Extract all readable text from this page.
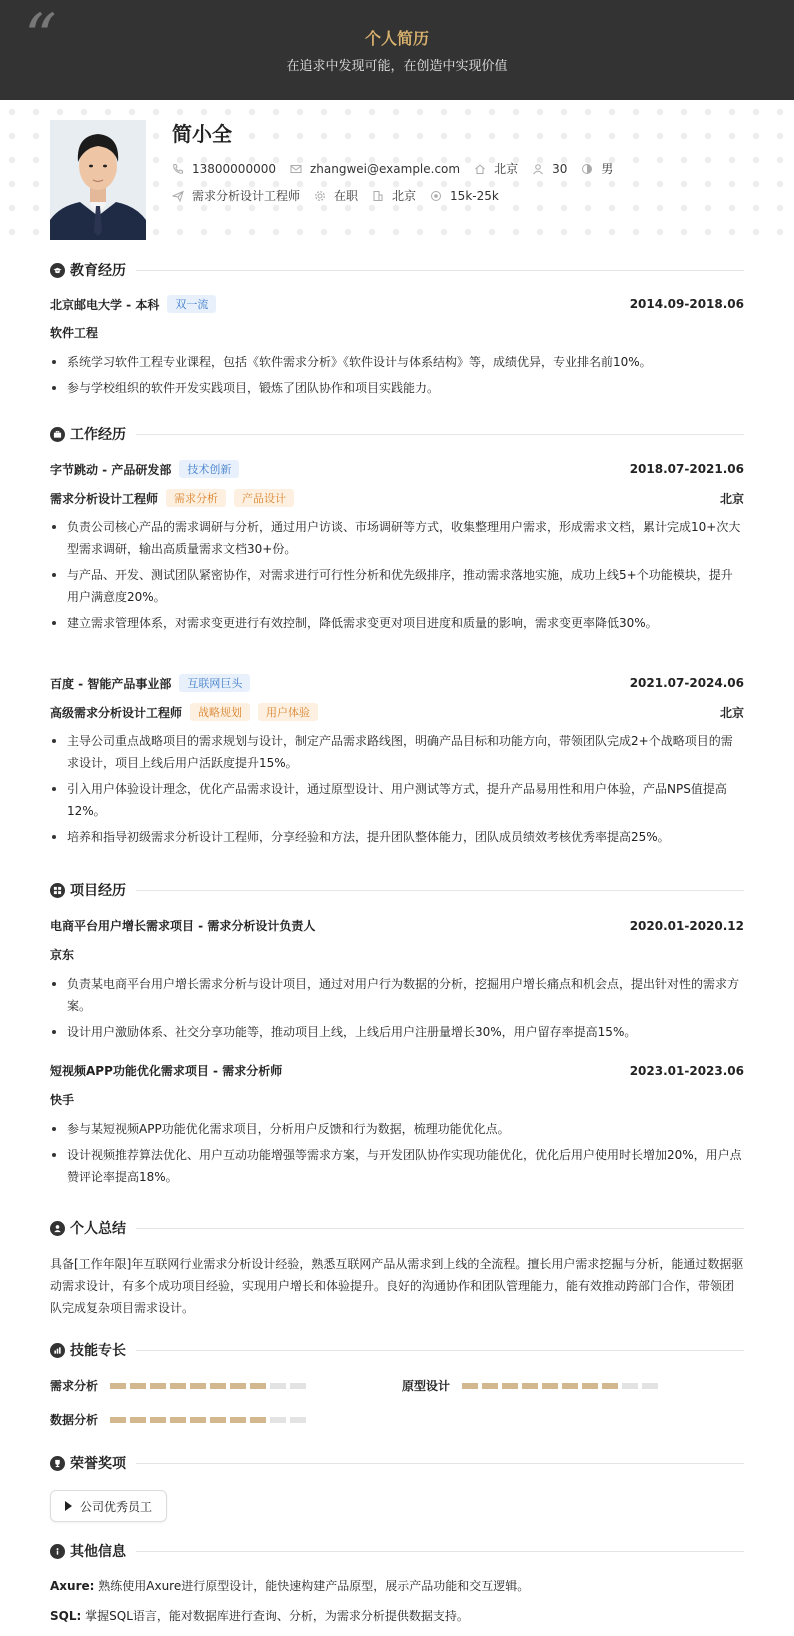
“	个人简历
在追求中发现可能，在创造中实现价值
简小全
13800000000	zhangwei@example.com	北京	30	男
需求分析设计工程师	在职	北京	15k-25k
教育经历
北京邮电大学 - 本科	双一流	2014.09-2018.06
软件工程
系统学习软件工程专业课程，包括《软件需求分析》《软件设计与体系结构》等，成绩优异，专业排名前10%。
参与学校组织的软件开发实践项目，锻炼了团队协作和项目实践能力。
工作经历
字节跳动 - 产品研发部	技术创新	2018.07-2021.06
需求分析设计工程师	需求分析	产品设计	北京
负责公司核心产品的需求调研与分析，通过用户访谈、市场调研等方式，收集整理用户需求，形成需求文档，累计完成10+次大型需求调研，输出高质量需求文档30+份。
与产品、开发、测试团队紧密协作，对需求进行可行性分析和优先级排序，推动需求落地实施，成功上线5+个功能模块，提升用户满意度20%。
建立需求管理体系，对需求变更进行有效控制，降低需求变更对项目进度和质量的影响，需求变更率降低30%。
百度 - 智能产品事业部	互联网巨头	2021.07-2024.06
高级需求分析设计工程师	战略规划	用户体验	北京
主导公司重点战略项目的需求规划与设计，制定产品需求路线图，明确产品目标和功能方向，带领团队完成2+个战略项目的需求设计，项目上线后用户活跃度提升15%。
引入用户体验设计理念，优化产品需求设计，通过原型设计、用户测试等方式，提升产品易用性和用户体验，产品NPS值提高12%。
培养和指导初级需求分析设计工程师，分享经验和方法，提升团队整体能力，团队成员绩效考核优秀率提高25%。
项目经历
电商平台用户增长需求项目 - 需求分析设计负责人	2020.01-2020.12
京东
负责某电商平台用户增长需求分析与设计项目，通过对用户行为数据的分析，挖掘用户增长痛点和机会点，提出针对性的需求方案。
设计用户激励体系、社交分享功能等，推动项目上线，上线后用户注册量增长30%，用户留存率提高15%。
短视频APP功能优化需求项目 - 需求分析师	2023.01-2023.06
快手
参与某短视频APP功能优化需求项目，分析用户反馈和行为数据，梳理功能优化点。
设计视频推荐算法优化、用户互动功能增强等需求方案，与开发团队协作实现功能优化，优化后用户使用时长增加20%，用户点赞评论率提高18%。
个人总结
具备[工作年限]年互联网行业需求分析设计经验，熟悉互联网产品从需求到上线的全流程。擅长用户需求挖掘与分析，能通过数据驱动需求设计，有多个成功项目经验，实现用户增长和体验提升。良好的沟通协作和团队管理能力，能有效推动跨部门合作，带领团队完成复杂项目需求设计。
技能专长
需求分析	原型设计
数据分析
荣誉奖项
公司优秀员工
其他信息
Axure: 熟练使用Axure进行原型设计，能快速构建产品原型，展示产品功能和交互逻辑。
SQL: 掌握SQL语言，能对数据库进行查询、分析，为需求分析提供数据支持。
